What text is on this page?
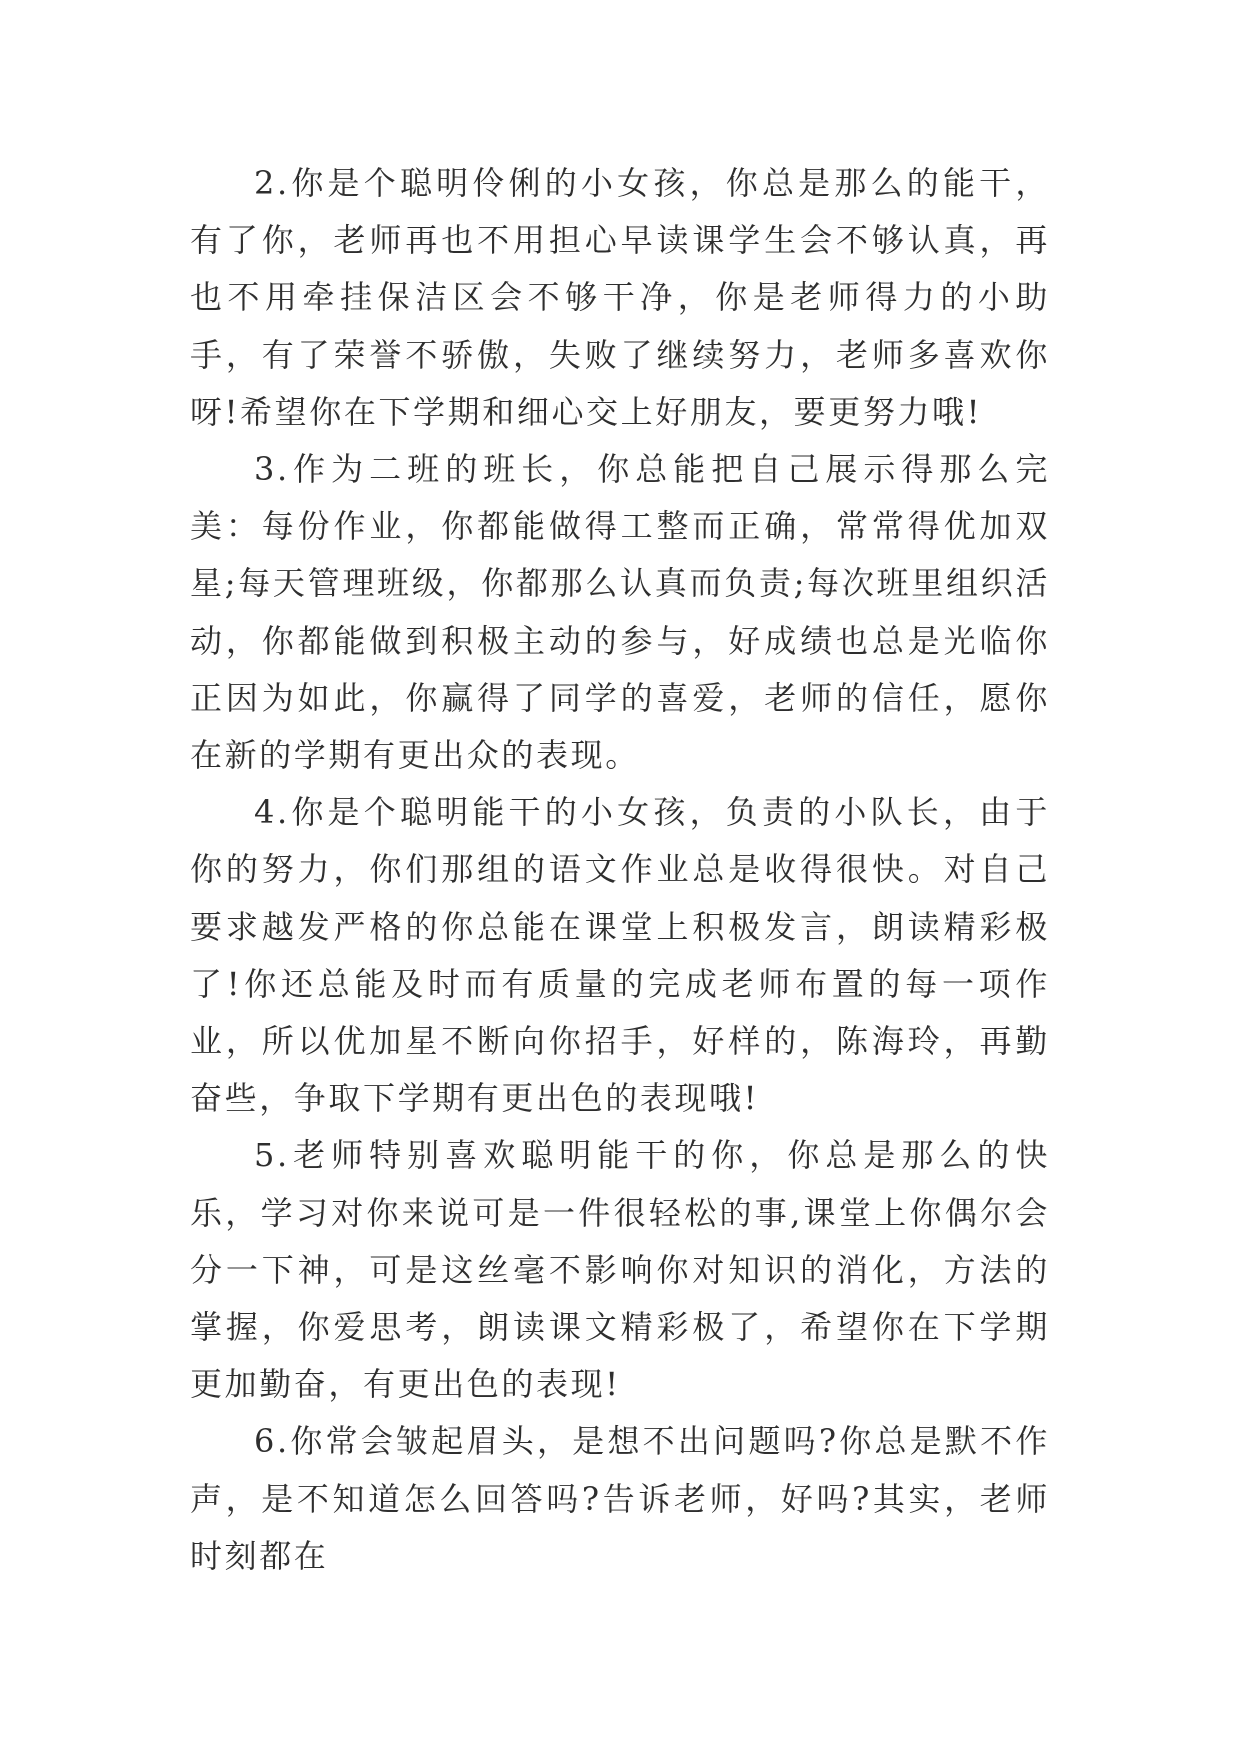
2.你是个聪明伶俐的小女孩，你总是那么的能干，有了你，老师再也不用担心早读课学生会不够认真，再也不用牵挂保洁区会不够干净，你是老师得力的小助手，有了荣誉不骄傲，失败了继续努力，老师多喜欢你呀!希望你在下学期和细心交上好朋友，要更努力哦!

3.作为二班的班长，你总能把自己展示得那么完美：每份作业，你都能做得工整而正确，常常得优加双星;每天管理班级，你都那么认真而负责;每次班里组织活动，你都能做到积极主动的参与，好成绩也总是光临你正因为如此，你赢得了同学的喜爱，老师的信任，愿你在新的学期有更出众的表现。

4.你是个聪明能干的小女孩，负责的小队长，由于你的努力，你们那组的语文作业总是收得很快。对自己要求越发严格的你总能在课堂上积极发言，朗读精彩极了!你还总能及时而有质量的完成老师布置的每一项作业，所以优加星不断向你招手，好样的，陈海玲，再勤奋些，争取下学期有更出色的表现哦!

5.老师特别喜欢聪明能干的你，你总是那么的快乐，学习对你来说可是一件很轻松的事,课堂上你偶尔会分一下神，可是这丝毫不影响你对知识的消化，方法的掌握，你爱思考，朗读课文精彩极了，希望你在下学期更加勤奋，有更出色的表现!

6.你常会皱起眉头，是想不出问题吗?你总是默不作声，是不知道怎么回答吗?告诉老师，好吗?其实，老师时刻都在
